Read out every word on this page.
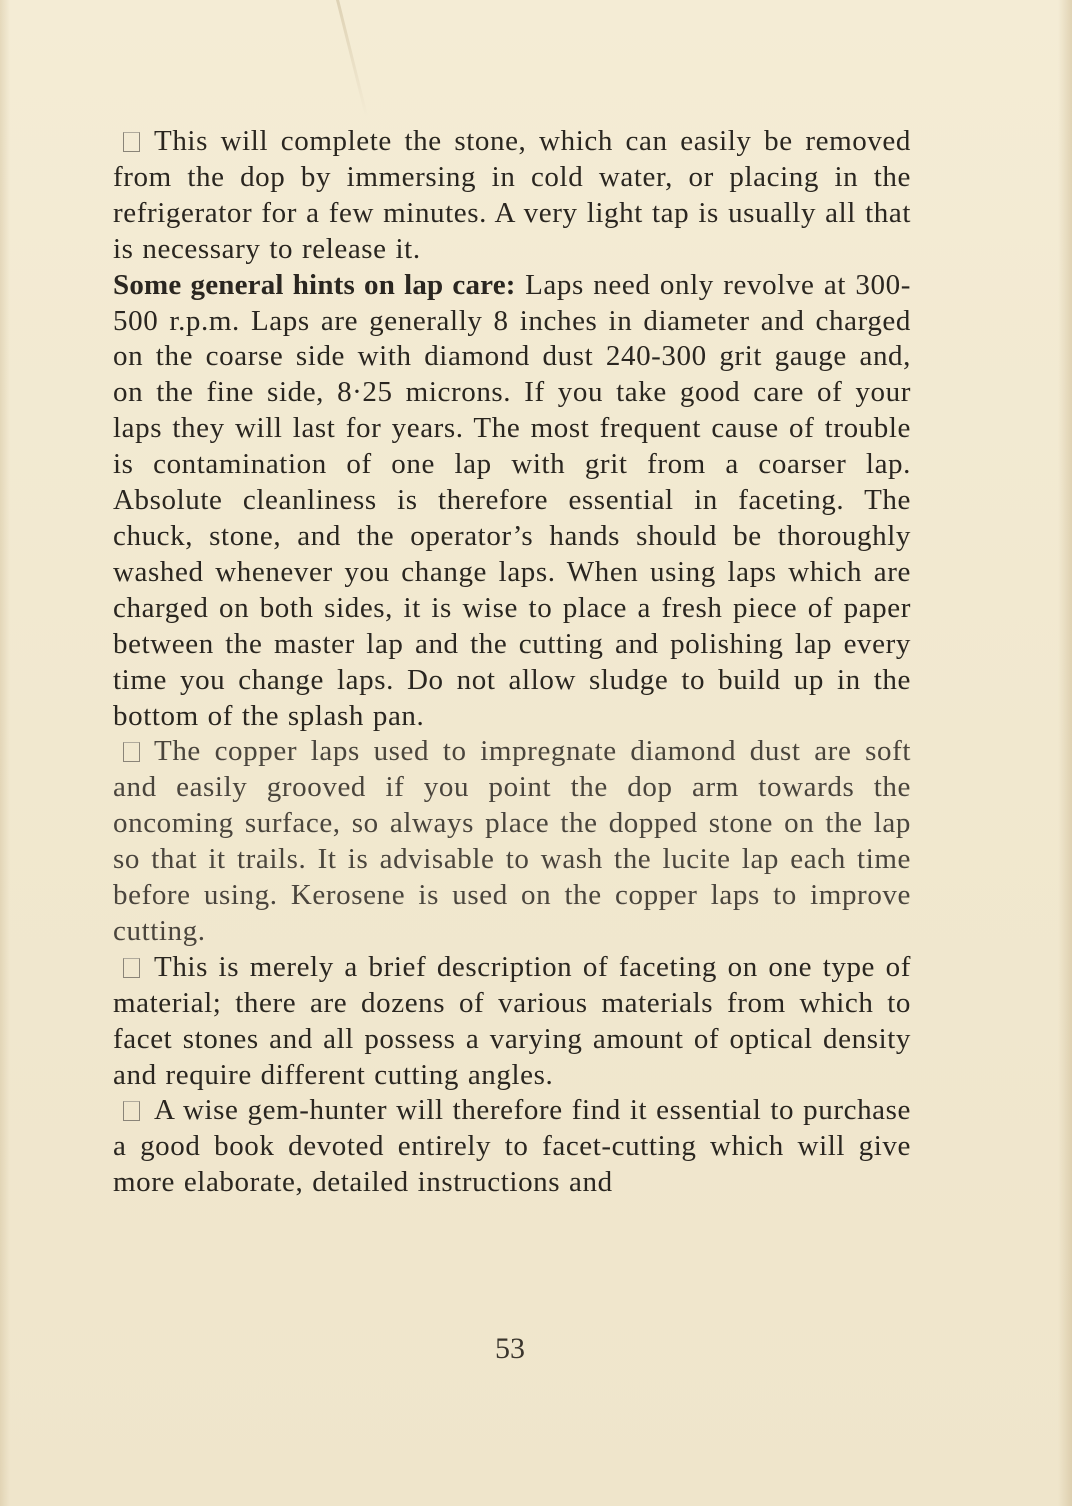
This will complete the stone, which can easily be removed from the dop by immersing in cold water, or placing in the refrigerator for a few minutes. A very light tap is usually all that is necessary to release it.

Some general hints on lap care: Laps need only revolve at 300-500 r.p.m. Laps are generally 8 inches in diameter and charged on the coarse side with diamond dust 240-300 grit gauge and, on the fine side, 8·25 microns. If you take good care of your laps they will last for years. The most frequent cause of trouble is contamination of one lap with grit from a coarser lap. Absolute cleanliness is therefore essential in faceting. The chuck, stone, and the operator’s hands should be thoroughly washed whenever you change laps. When using laps which are charged on both sides, it is wise to place a fresh piece of paper between the master lap and the cutting and polishing lap every time you change laps. Do not allow sludge to build up in the bottom of the splash pan.

The copper laps used to impregnate diamond dust are soft and easily grooved if you point the dop arm towards the oncoming surface, so always place the dopped stone on the lap so that it trails. It is advisable to wash the lucite lap each time before using. Kerosene is used on the copper laps to improve cutting.

This is merely a brief description of faceting on one type of material; there are dozens of various materials from which to facet stones and all possess a varying amount of optical density and require different cutting angles.

A wise gem-hunter will therefore find it essential to purchase a good book devoted entirely to facet-cutting which will give more elaborate, detailed instructions and

53
